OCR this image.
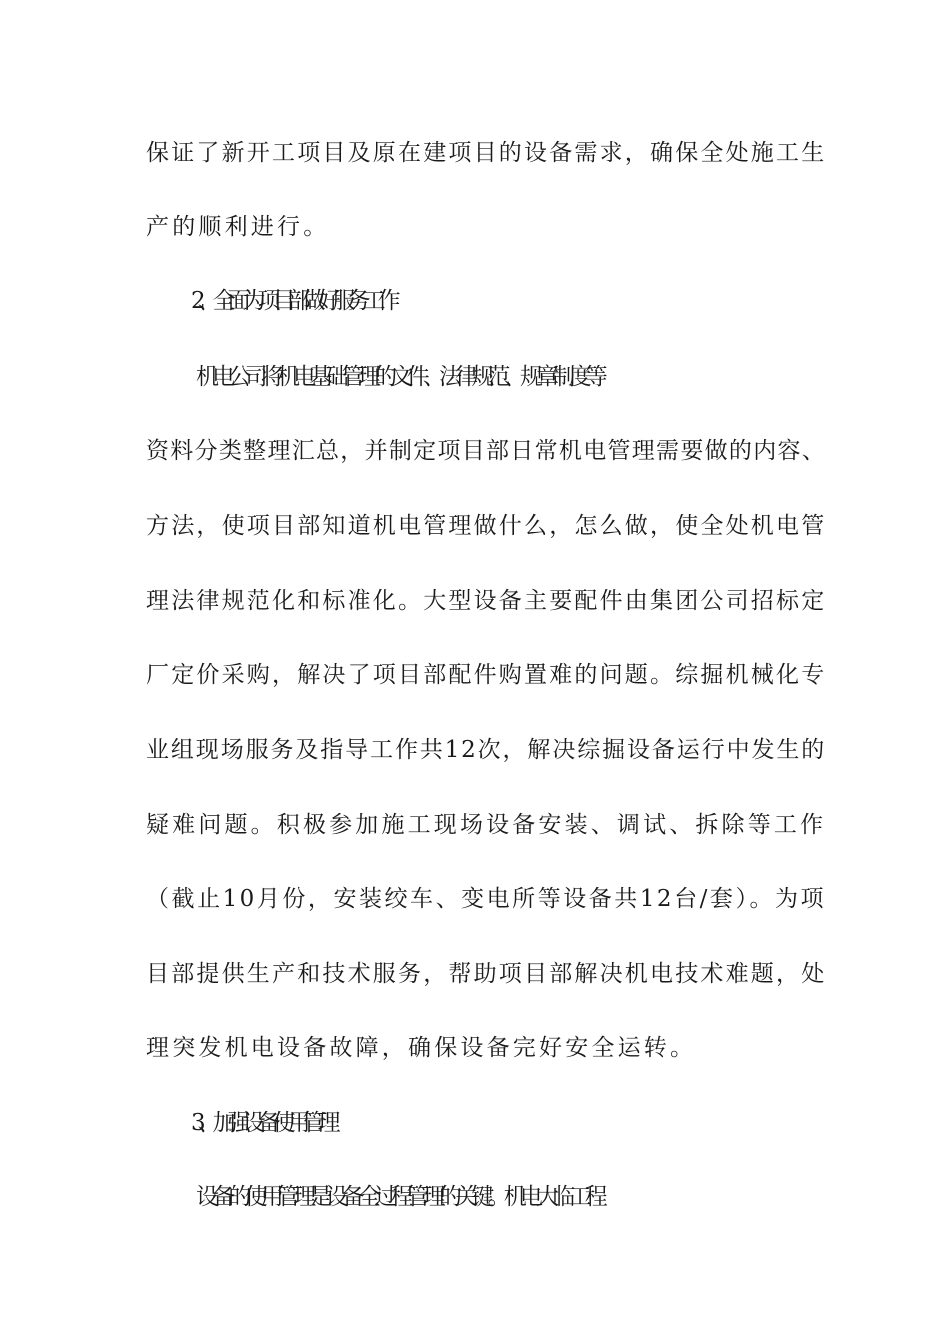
保证了新开工项目及原在建项目的设备需求，确保全处施工生

产的顺利进行。

2、全面为项目部做好服务工作

机电公司将机电基础管理的文件、法律规范、规章制度等

资料分类整理汇总，并制定项目部日常机电管理需要做的内容、

方法，使项目部知道机电管理做什么，怎么做，使全处机电管

理法律规范化和标准化。大型设备主要配件由集团公司招标定

厂定价采购，解决了项目部配件购置难的问题。综掘机械化专

业组现场服务及指导工作共12次，解决综掘设备运行中发生的

疑难问题。积极参加施工现场设备安装、调试、拆除等工作

（截止10月份，安装绞车、变电所等设备共12台/套）。为项

目部提供生产和技术服务，帮助项目部解决机电技术难题，处

理突发机电设备故障，确保设备完好安全运转。

3、加强设备使用管理

设备的使用管理是设备全过程管理的关键。机电大临工程
